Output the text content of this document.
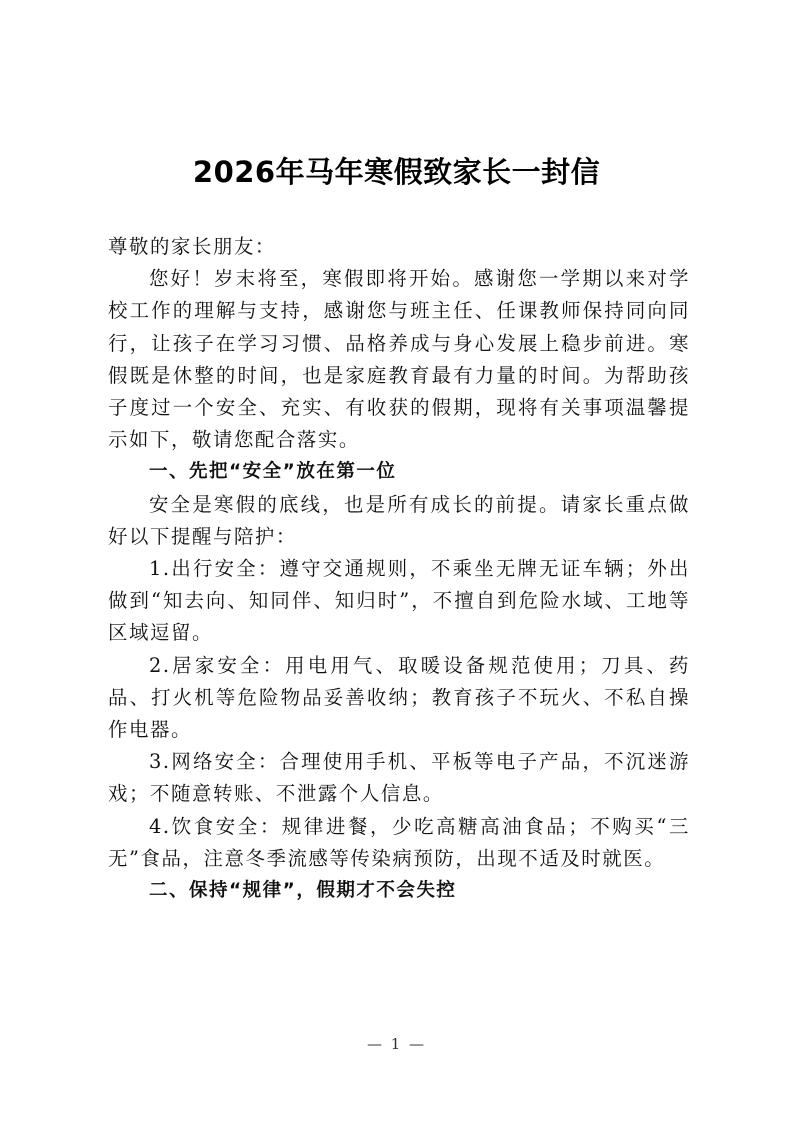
2026年马年寒假致家长一封信

尊敬的家长朋友：

您好！岁末将至，寒假即将开始。感谢您一学期以来对学校工作的理解与支持，感谢您与班主任、任课教师保持同向同行，让孩子在学习习惯、品格养成与身心发展上稳步前进。寒假既是休整的时间，也是家庭教育最有力量的时间。为帮助孩子度过一个安全、充实、有收获的假期，现将有关事项温馨提示如下，敬请您配合落实。

一、先把“安全”放在第一位

安全是寒假的底线，也是所有成长的前提。请家长重点做好以下提醒与陪护：

1.出行安全：遵守交通规则，不乘坐无牌无证车辆；外出做到“知去向、知同伴、知归时”，不擅自到危险水域、工地等区域逗留。

2.居家安全：用电用气、取暖设备规范使用；刀具、药品、打火机等危险物品妥善收纳；教育孩子不玩火、不私自操作电器。

3.网络安全：合理使用手机、平板等电子产品，不沉迷游戏；不随意转账、不泄露个人信息。

4.饮食安全：规律进餐，少吃高糖高油食品；不购买“三无”食品，注意冬季流感等传染病预防，出现不适及时就医。

二、保持“规律”，假期才不会失控

— 1 —
